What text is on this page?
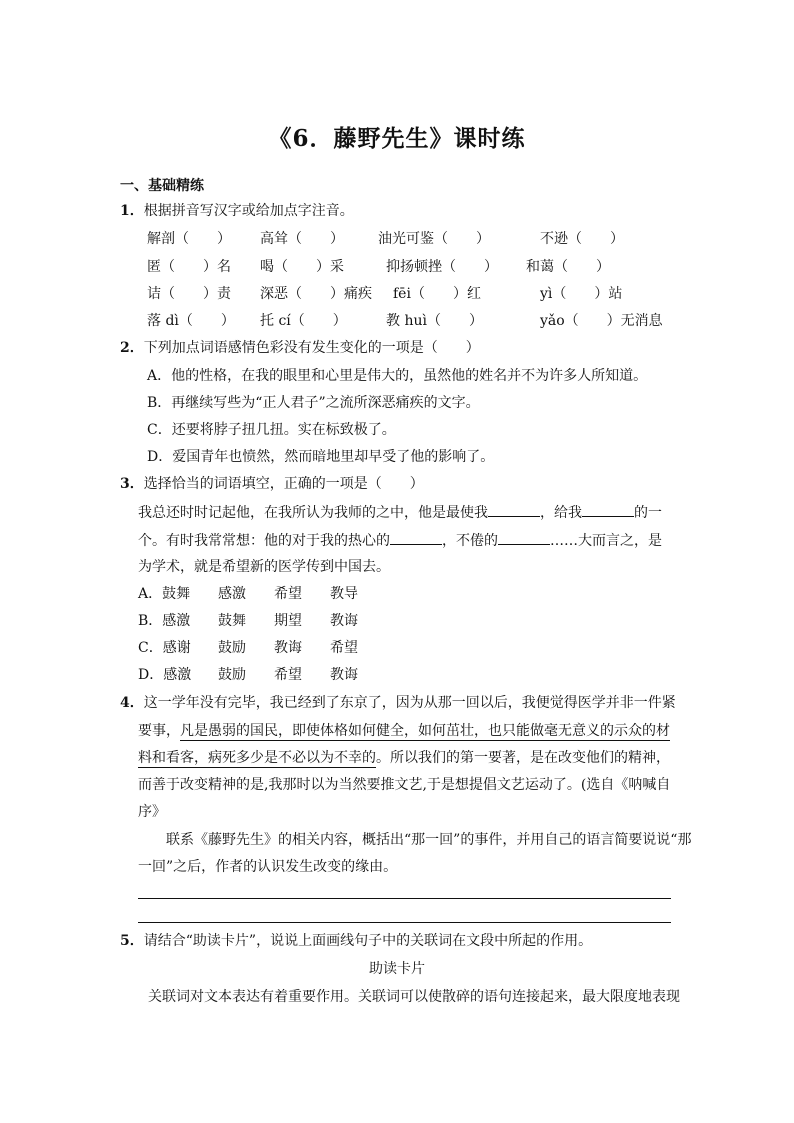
《6．藤野先生》课时练
一、基础精练
1．根据拼音写汉字或给加点字注音。
解剖（　　） 高耸（　　） 油光可鉴（　　）	不逊（　　）
匿（　　）名 喝（　　）采	抑扬顿挫（　　） 和蔼（　　）
诘（　　）责 深恶（　　）痛疾 fēi（　　）红	yì（　　）站
落 dì（　　） 托 cí（　　）	教 huì（　　）	yǎo（　　）无消息
2．下列加点词语感情色彩没有发生变化的一项是（　　）
A．他的性格，在我的眼里和心里是伟大的，虽然他的姓名并不为许多人所知道。
B．再继续写些为“正人君子”之流所深恶痛疾的文字。
C．还要将脖子扭几扭。实在标致极了。
D．爱国青年也愤然，然而暗地里却早受了他的影响了。
3．选择恰当的词语填空，正确的一项是（　　）
我总还时时记起他，在我所认为我师的之中，他是最使我	，给我	的一
个。有时我常常想：他的对于我的热心的	，不倦的	……大而言之，是
为学术，就是希望新的医学传到中国去。
A．鼓舞 感激 希望 教导
B．感激 鼓舞 期望 教诲
C．感谢 鼓励 教诲 希望
D．感激 鼓励 希望 教诲
4．这一学年没有完毕，我已经到了东京了，因为从那一回以后，我便觉得医学并非一件紧
要事，凡是愚弱的国民，即使体格如何健全，如何茁壮，也只能做毫无意义的示众的材
料和看客，病死多少是不必以为不幸的。所以我们的第一要著，是在改变他们的精神，
而善于改变精神的是,我那时以为当然要推文艺,于是想提倡文艺运动了。(选自《呐喊自
序》
联系《藤野先生》的相关内容，概括出“那一回”的事件，并用自己的语言简要说说“那
一回”之后，作者的认识发生改变的缘由。
5．请结合“助读卡片”，说说上面画线句子中的关联词在文段中所起的作用。
助读卡片
关联词对文本表达有着重要作用。关联词可以使散碎的语句连接起来，最大限度地表现
